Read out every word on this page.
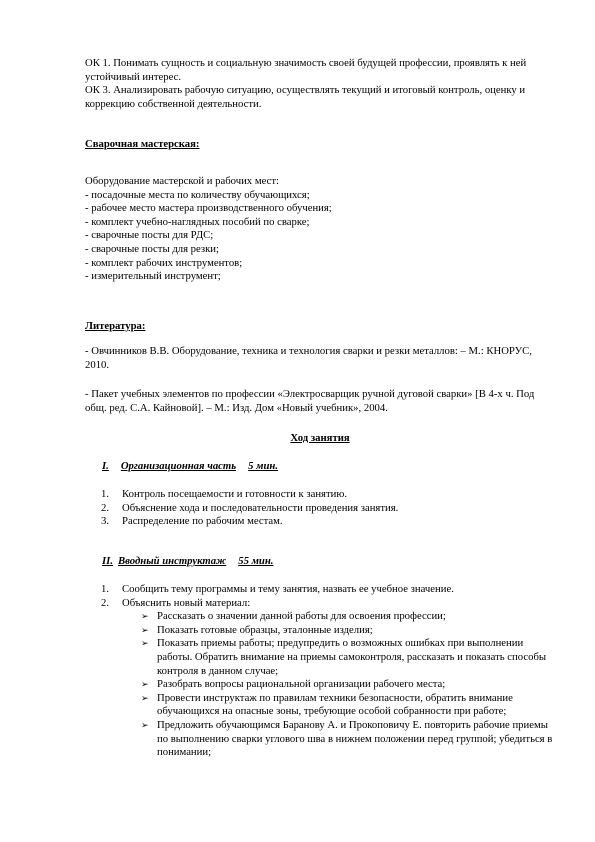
ОК 1. Понимать сущность и социальную значимость своей будущей профессии, проявлять к ней устойчивый интерес.

ОК 3. Анализировать рабочую ситуацию, осуществлять текущий и итоговый контроль, оценку и коррекцию собственной деятельности.

Сварочная мастерская:

Оборудование мастерской и рабочих мест:

- посадочные места по количеству обучающихся;

- рабочее место мастера производственного обучения;

- комплект учебно-наглядных пособий по сварке;

- сварочные посты для РДС;

- сварочные посты для резки;

- комплект рабочих инструментов;

- измерительный инструмент;

Литература:

- Овчинников В.В. Оборудование, техника и технология сварки и резки металлов: – М.: КНОРУС, 2010.

- Пакет учебных элементов по профессии «Электросварщик ручной дуговой сварки» [В 4-х ч. Под общ. ред. С.А. Кайновой]. – М.: Изд. Дом «Новый учебник», 2004.

Ход занятия

I. Организационная часть 5 мин.

1. Контроль посещаемости и готовности к занятию.
2. Объяснение хода и последовательности проведения занятия.
3. Распределение по рабочим местам.

II. Вводный инструктаж 55 мин.

1. Сообщить тему программы и тему занятия, назвать ее учебное значение.
2. Объяснить новый материал:
➢ Рассказать о значении данной работы для освоения профессии;
➢ Показать готовые образцы, эталонные изделия;
➢ Показать приемы работы; предупредить о возможных ошибках при выполнении работы. Обратить внимание на приемы самоконтроля, рассказать и показать способы контроля в данном случае;
➢ Разобрать вопросы рациональной организации рабочего места;
➢ Провести инструктаж по правилам техники безопасности, обратить внимание обучающихся на опасные зоны, требующие особой собранности при работе;
➢ Предложить обучающимся Баранову А. и Прокоповичу Е. повторить рабочие приемы по выполнению сварки углового шва в нижнем положении перед группой; убедиться в понимании;
